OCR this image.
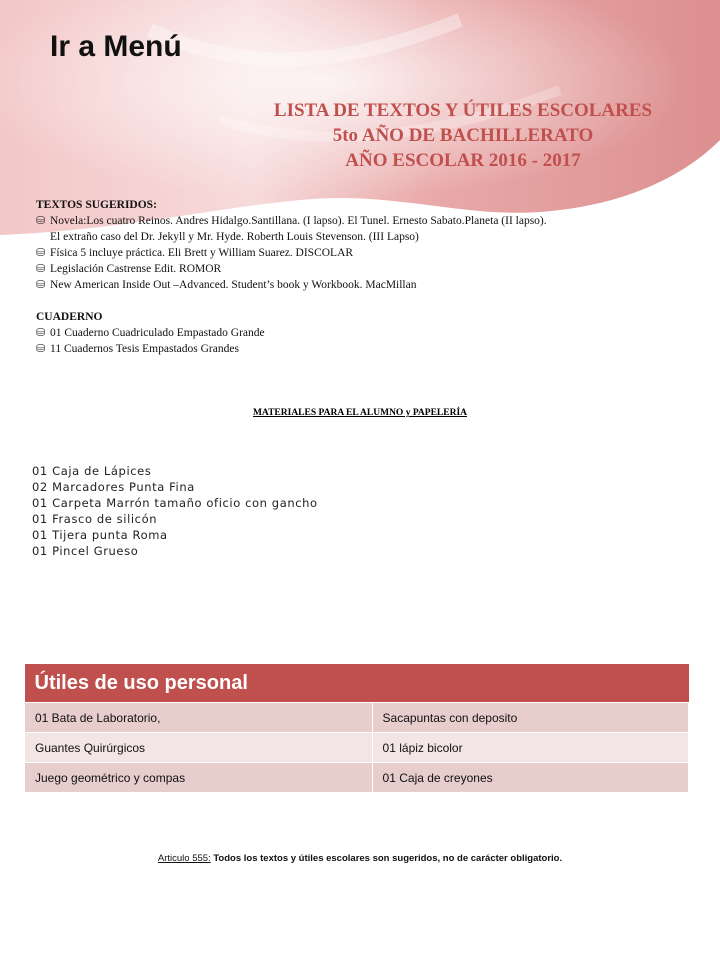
Ir a Menú
LISTA DE TEXTOS Y ÚTILES ESCOLARES
5to AÑO DE BACHILLERATO
AÑO ESCOLAR 2016 - 2017
TEXTOS SUGERIDOS:
⛁ Novela:Los cuatro Reinos. Andres Hidalgo.Santillana. (I lapso). El Tunel. Ernesto Sabato.Planeta (II lapso).
El extraño caso del Dr. Jekyll y Mr. Hyde. Roberth Louis Stevenson. (III Lapso)
⛁ Física 5 incluye práctica. Eli Brett y William Suarez. DISCOLAR
⛁ Legislación Castrense Edit. ROMOR
⛁ New American Inside Out –Advanced. Student’s book y Workbook. MacMillan
CUADERNO
⛁ 01 Cuaderno Cuadriculado Empastado Grande
⛁ 11 Cuadernos Tesis Empastados Grandes
MATERIALES PARA EL ALUMNO y PAPELERÍA
01 Caja de Lápices
02 Marcadores Punta Fina
01 Carpeta Marrón tamaño oficio con gancho
01 Frasco de silicón
01 Tijera punta Roma
01 Pincel Grueso
Útiles de uso personal	
01 Bata de Laboratorio,	Sacapuntas con deposito
Guantes Quirúrgicos	01 lápiz bicolor
Juego geométrico y compas	01 Caja de creyones
Articulo 555: Todos los textos y útiles escolares son sugeridos, no de carácter obligatorio.
